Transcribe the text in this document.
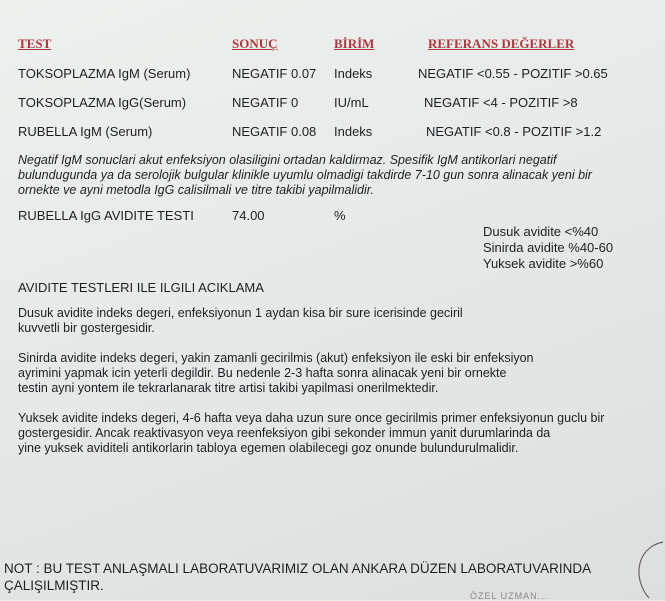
TEST	SONUÇ	BİRİM	REFERANS DEĞERLER
TOKSOPLAZMA IgM (Serum)	NEGATIF 0.07 Indeks	NEGATIF <0.55 - POZITIF >0.65
TOKSOPLAZMA IgG(Serum)	NEGATIF 0	IU/mL	NEGATIF <4 - POZITIF >8
RUBELLA IgM (Serum)	NEGATIF 0.08 Indeks	NEGATIF <0.8 - POZITIF >1.2
Negatif IgM sonuclari akut enfeksiyon olasiligini ortadan kaldirmaz. Spesifik IgM antikorlari negatif
bulundugunda ya da serolojik bulgular klinikle uyumlu olmadigi takdirde 7-10 gun sonra alinacak yeni bir
ornekte ve ayni metodla IgG calisilmali ve titre takibi yapilmalidir.
RUBELLA IgG AVIDITE TESTI	74.00	%
Dusuk avidite <%40
Sinirda avidite %40-60
Yuksek avidite >%60
AVIDITE TESTLERI ILE ILGILI ACIKLAMA
Dusuk avidite indeks degeri, enfeksiyonun 1 aydan kisa bir sure icerisinde geciril
kuvvetli bir gostergesidir.
Sinirda avidite indeks degeri, yakin zamanli gecirilmis (akut) enfeksiyon ile eski bir enfeksiyon
ayrimini yapmak icin yeterli degildir. Bu nedenle 2-3 hafta sonra alinacak yeni bir ornekte
testin ayni yontem ile tekrarlanarak titre artisi takibi yapilmasi onerilmektedir.
Yuksek avidite indeks degeri, 4-6 hafta veya daha uzun sure once gecirilmis primer enfeksiyonun guclu bir
gostergesidir. Ancak reaktivasyon veya reenfeksiyon gibi sekonder immun yanit durumlarinda da
yine yuksek aviditeli antikorlarin tabloya egemen olabilecegi goz onunde bulundurulmalidir.
NOT : BU TEST ANLAŞMALI LABORATUVARIMIZ OLAN ANKARA DÜZEN LABORATUVARINDA
ÇALIŞILMIŞTIR.
ÖZEL UZMAN...
